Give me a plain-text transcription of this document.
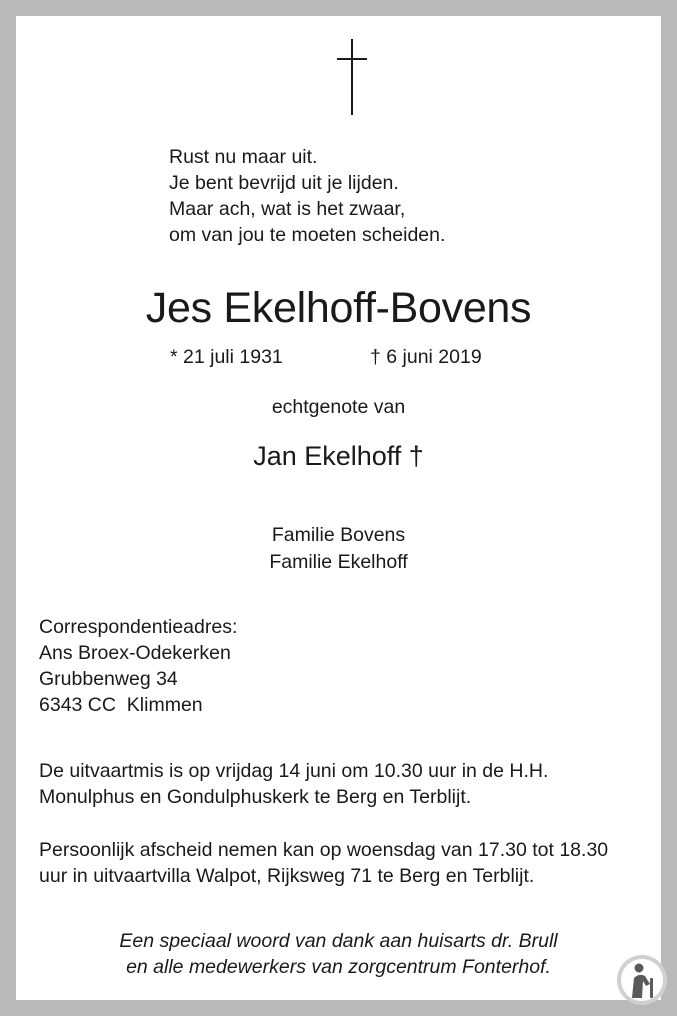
Rust nu maar uit.
Je bent bevrijd uit je lijden.
Maar ach, wat is het zwaar,
om van jou te moeten scheiden.
Jes Ekelhoff-Bovens
* 21 juli 1931	† 6 juni 2019
echtgenote van
Jan Ekelhoff †
Familie Bovens
Familie Ekelhoff
Correspondentieadres:
Ans Broex-Odekerken
Grubbenweg 34
6343 CC  Klimmen
De uitvaartmis is op vrijdag 14 juni om 10.30 uur in de H.H. Monulphus en Gondulphuskerk te Berg en Terblijt.
Persoonlijk afscheid nemen kan op woensdag van 17.30 tot 18.30 uur in uitvaartvilla Walpot, Rijksweg 71 te Berg en Terblijt.
Een speciaal woord van dank aan huisarts dr. Brull
en alle medewerkers van zorgcentrum Fonterhof.
